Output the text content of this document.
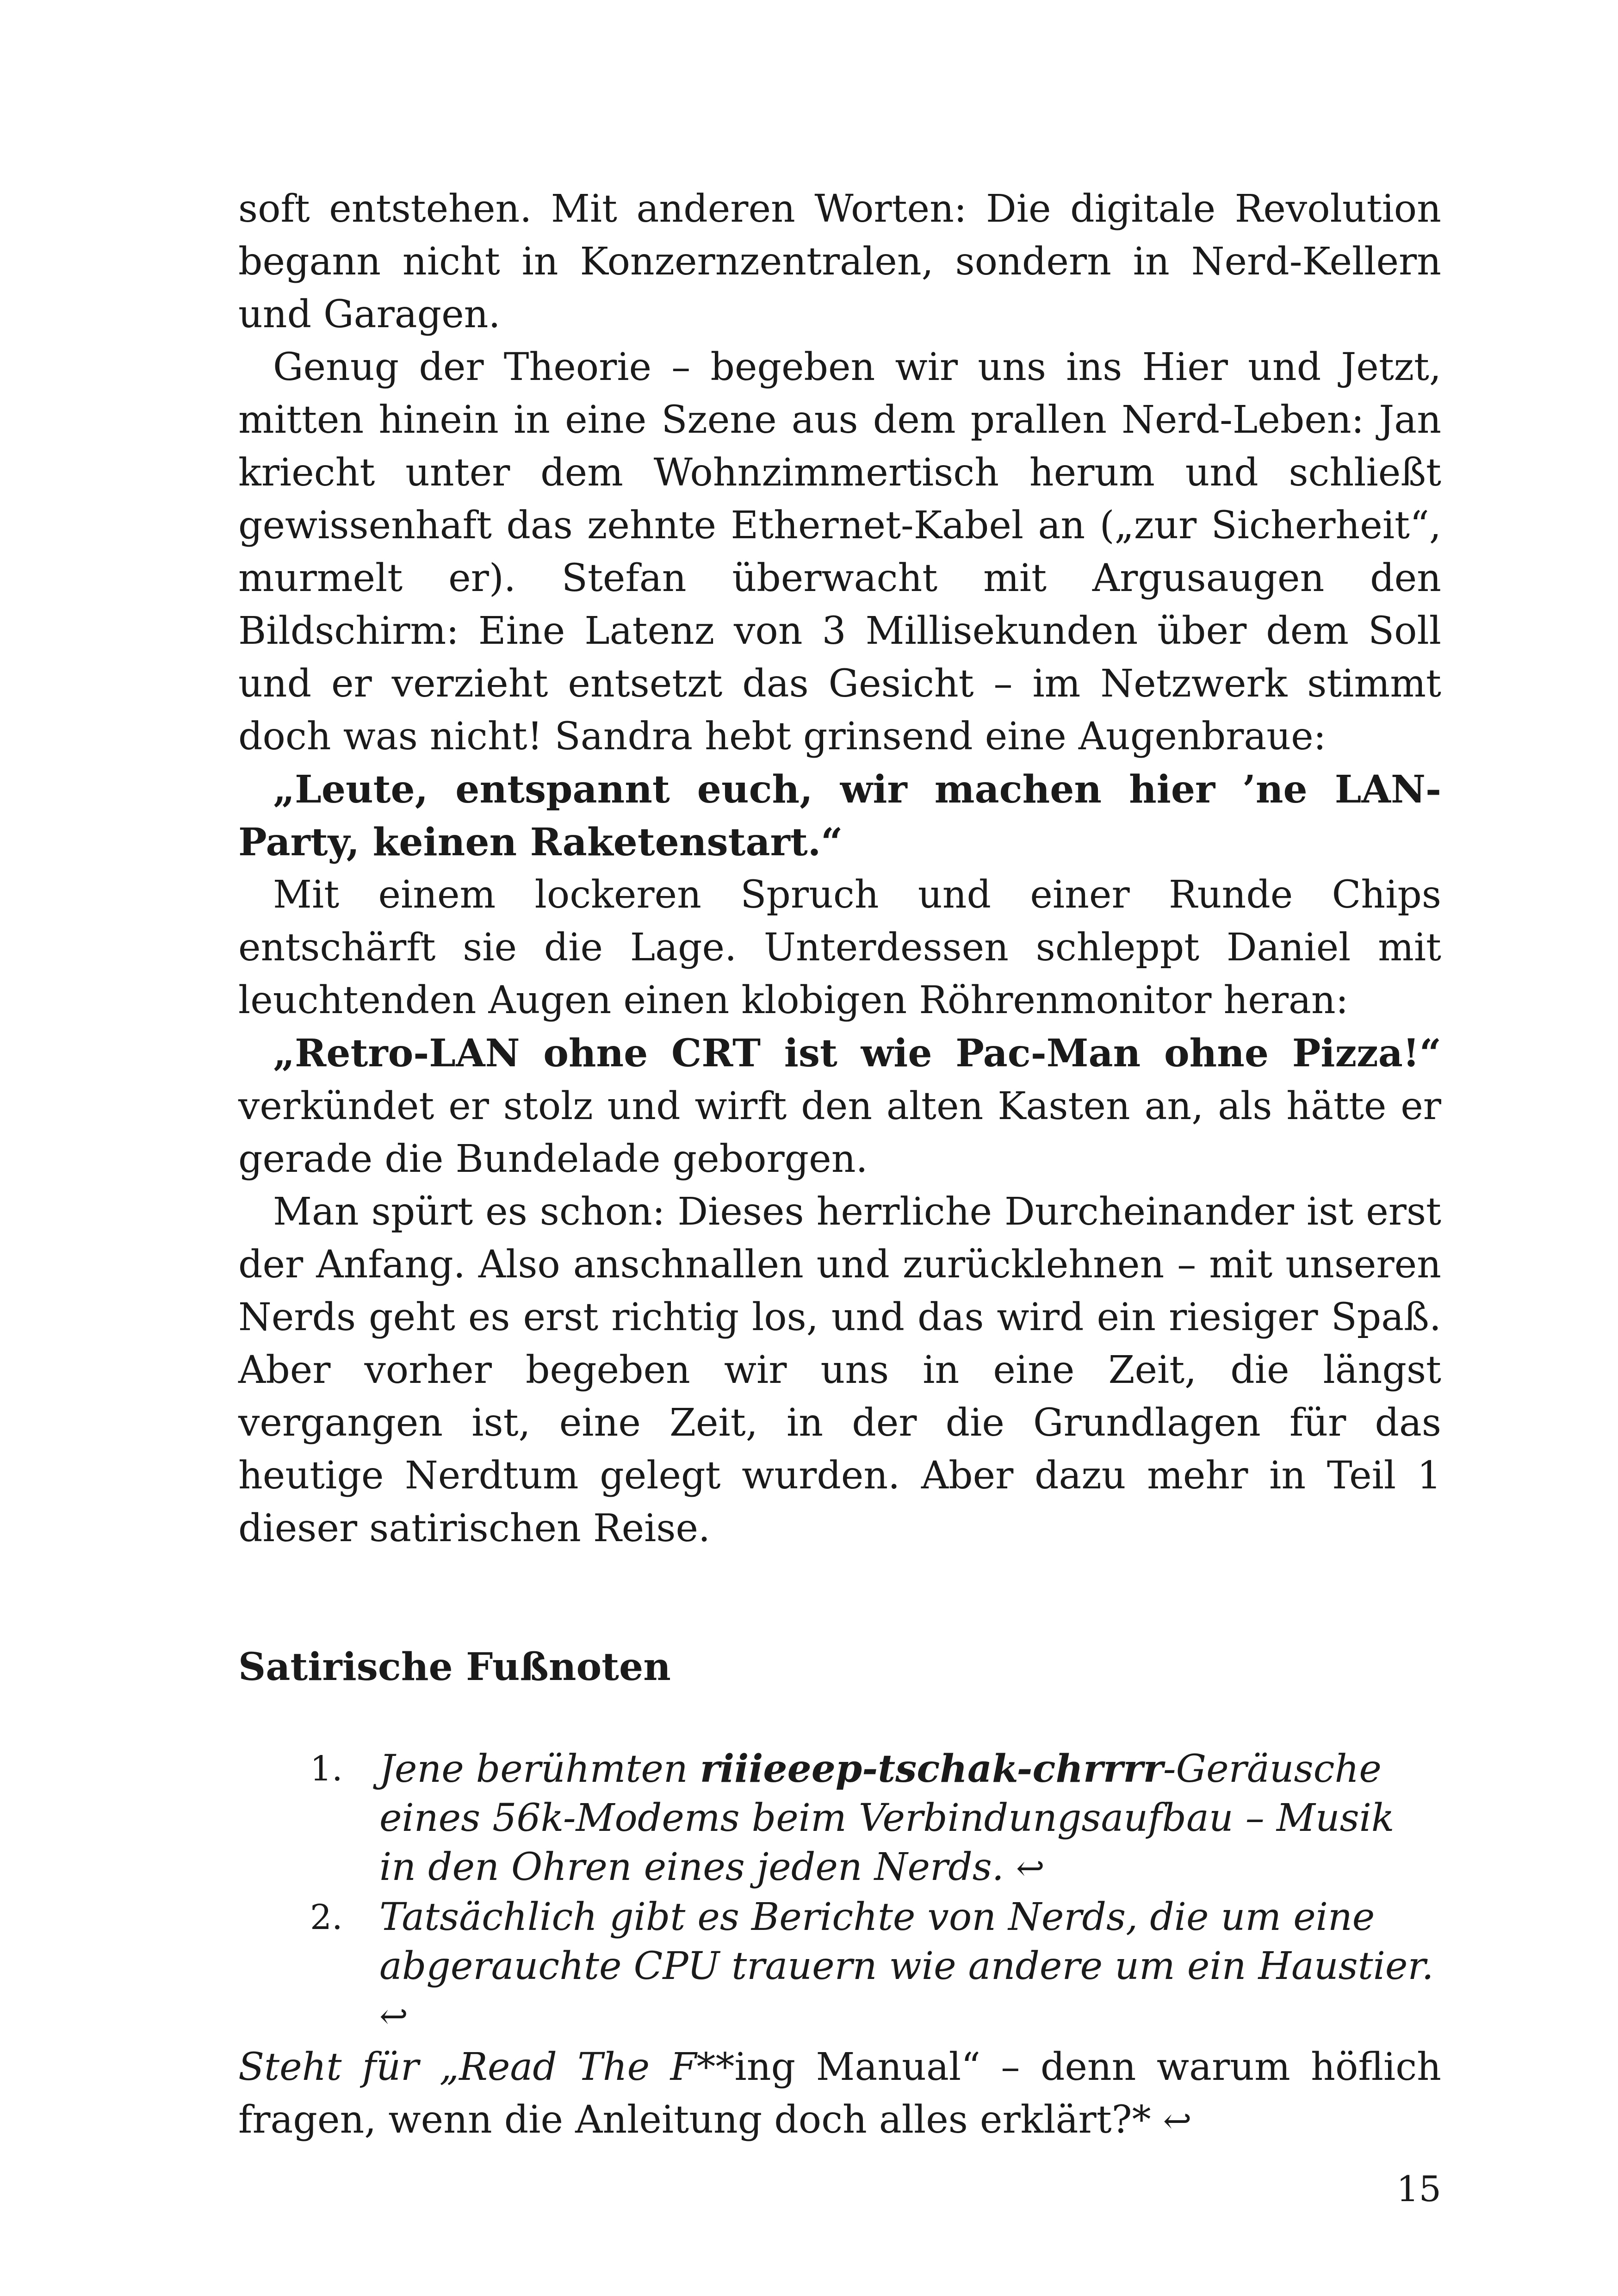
soft entstehen. Mit anderen Worten: Die digitale Revolution begann nicht in Konzernzentralen, sondern in Nerd-Kellern und Garagen.

Genug der Theorie – begeben wir uns ins Hier und Jetzt, mitten hinein in eine Szene aus dem prallen Nerd-Leben: Jan kriecht unter dem Wohnzimmertisch herum und schließt gewissenhaft das zehnte Ethernet-Kabel an („zur Sicherheit“, murmelt er). Stefan überwacht mit Argusaugen den Bildschirm: Eine Latenz von 3 Millisekunden über dem Soll und er verzieht entsetzt das Gesicht – im Netzwerk stimmt doch was nicht! Sandra hebt grinsend eine Augenbraue:

„Leute, entspannt euch, wir machen hier ’ne LAN-Party, keinen Raketenstart.“

Mit einem lockeren Spruch und einer Runde Chips entschärft sie die Lage. Unterdessen schleppt Daniel mit leuchtenden Augen einen klobigen Röhrenmonitor heran:

„Retro-LAN ohne CRT ist wie Pac-Man ohne Pizza!“ verkündet er stolz und wirft den alten Kasten an, als hätte er gerade die Bundelade geborgen.

Man spürt es schon: Dieses herrliche Durcheinander ist erst der Anfang. Also anschnallen und zurücklehnen – mit unseren Nerds geht es erst richtig los, und das wird ein riesiger Spaß. Aber vorher begeben wir uns in eine Zeit, die längst vergangen ist, eine Zeit, in der die Grundlagen für das heutige Nerdtum gelegt wurden. Aber dazu mehr in Teil 1 dieser satirischen Reise.

Satirische Fußnoten

1. Jene berühmten riiieeep-tschak-chrrrr-Geräusche eines 56k-Modems beim Verbindungsaufbau – Musik in den Ohren eines jeden Nerds. ↩
2. Tatsächlich gibt es Berichte von Nerds, die um eine abgerauchte CPU trauern wie andere um ein Haustier. ↩

Steht für „Read The F**ing Manual“ – denn warum höflich fragen, wenn die Anleitung doch alles erklärt?* ↩

15
